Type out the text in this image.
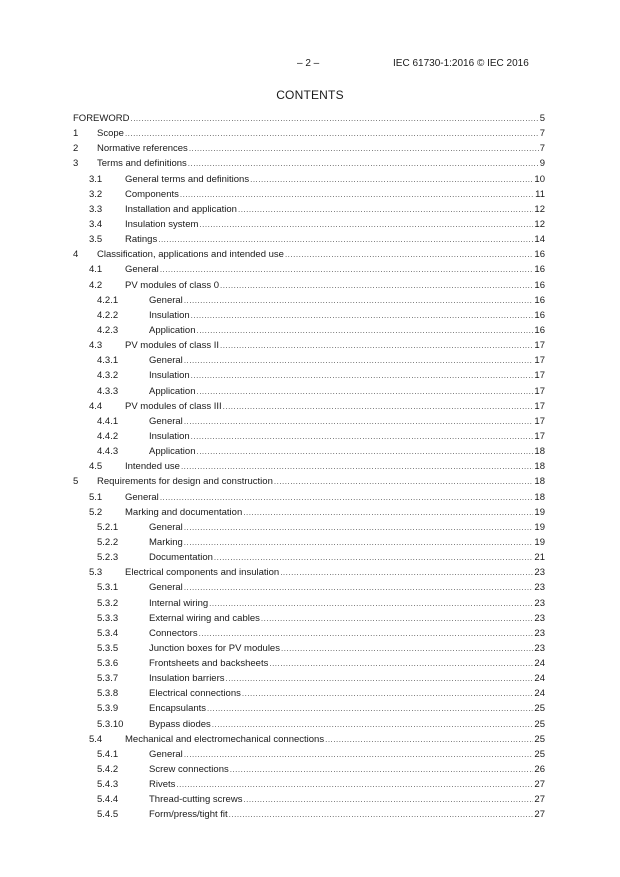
– 2 –	IEC 61730-1:2016 © IEC 2016
CONTENTS
FOREWORD .....	5
1 Scope .....	7
2 Normative references .....	7
3 Terms and definitions .....	9
3.1 General terms and definitions .....	10
3.2 Components .....	11
3.3 Installation and application .....	12
3.4 Insulation system .....	12
3.5 Ratings .....	14
4 Classification, applications and intended use .....	16
4.1 General .....	16
4.2 PV modules of class 0 .....	16
4.2.1	General .....	16
4.2.2	Insulation .....	16
4.2.3	Application .....	16
4.3 PV modules of class II .....	17
4.3.1	General .....	17
4.3.2	Insulation .....	17
4.3.3	Application .....	17
4.4 PV modules of class III .....	17
4.4.1	General .....	17
4.4.2	Insulation .....	17
4.4.3	Application .....	18
4.5 Intended use .....	18
5 Requirements for design and construction .....	18
5.1 General .....	18
5.2 Marking and documentation .....	19
5.2.1	General .....	19
5.2.2	Marking .....	19
5.2.3	Documentation .....	21
5.3 Electrical components and insulation .....	23
5.3.1	General .....	23
5.3.2	Internal wiring .....	23
5.3.3	External wiring and cables .....	23
5.3.4	Connectors .....	23
5.3.5	Junction boxes for PV modules .....	23
5.3.6	Frontsheets and backsheets .....	24
5.3.7	Insulation barriers .....	24
5.3.8	Electrical connections .....	24
5.3.9	Encapsulants .....	25
5.3.10	Bypass diodes .....	25
5.4 Mechanical and electromechanical connections .....	25
5.4.1	General .....	25
5.4.2	Screw connections .....	26
5.4.3	Rivets .....	27
5.4.4	Thread-cutting screws .....	27
5.4.5	Form/press/tight fit .....	27
